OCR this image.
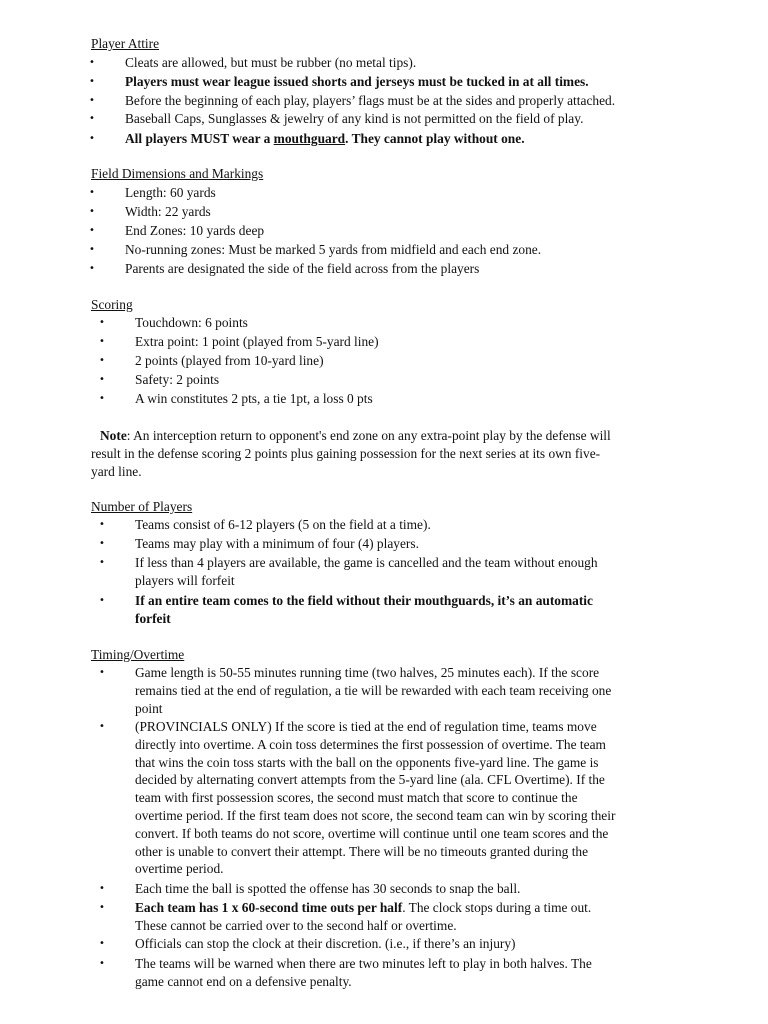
Player Attire
• Cleats are allowed, but must be rubber (no metal tips).
• Players must wear league issued shorts and jerseys must be tucked in at all times.
• Before the beginning of each play, players’ flags must be at the sides and properly attached.
• Baseball Caps, Sunglasses & jewelry of any kind is not permitted on the field of play.
• All players MUST wear a mouthguard. They cannot play without one.
Field Dimensions and Markings
• Length: 60 yards
• Width: 22 yards
• End Zones: 10 yards deep
• No-running zones: Must be marked 5 yards from midfield and each end zone.
• Parents are designated the side of the field across from the players
Scoring
• Touchdown: 6 points
• Extra point: 1 point (played from 5-yard line)
• 2 points (played from 10-yard line)
• Safety: 2 points
• A win constitutes 2 pts, a tie 1pt, a loss 0 pts
Note: An interception return to opponent's end zone on any extra-point play by the defense will
result in the defense scoring 2 points plus gaining possession for the next series at its own five-
yard line.
Number of Players
• Teams consist of 6-12 players (5 on the field at a time).
• Teams may play with a minimum of four (4) players.
• If less than 4 players are available, the game is cancelled and the team without enough
players will forfeit
• If an entire team comes to the field without their mouthguards, it’s an automatic
forfeit
Timing/Overtime
• Game length is 50-55 minutes running time (two halves, 25 minutes each). If the score
remains tied at the end of regulation, a tie will be rewarded with each team receiving one
point
• (PROVINCIALS ONLY) If the score is tied at the end of regulation time, teams move
directly into overtime. A coin toss determines the first possession of overtime. The team
that wins the coin toss starts with the ball on the opponents five-yard line. The game is
decided by alternating convert attempts from the 5-yard line (ala. CFL Overtime). If the
team with first possession scores, the second must match that score to continue the
overtime period. If the first team does not score, the second team can win by scoring their
convert. If both teams do not score, overtime will continue until one team scores and the
other is unable to convert their attempt. There will be no timeouts granted during the
overtime period.
• Each time the ball is spotted the offense has 30 seconds to snap the ball.
• Each team has 1 x 60-second time outs per half. The clock stops during a time out.
These cannot be carried over to the second half or overtime.
• Officials can stop the clock at their discretion. (i.e., if there’s an injury)
• The teams will be warned when there are two minutes left to play in both halves. The
game cannot end on a defensive penalty.
